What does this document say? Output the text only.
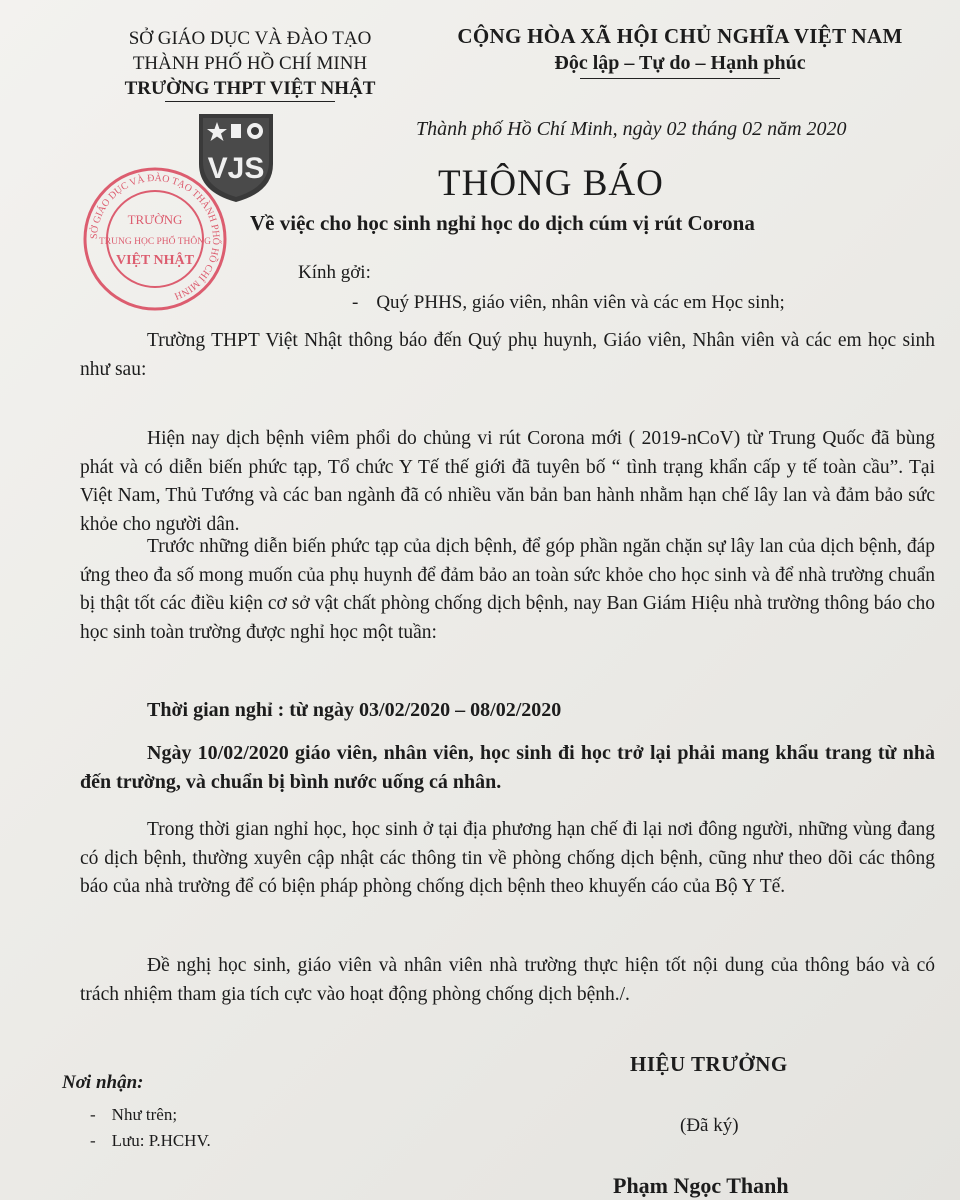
SỞ GIÁO DỤC VÀ ĐÀO TẠO
THÀNH PHỐ HỒ CHÍ MINH
TRƯỜNG THPT VIỆT NHẬT
CỘNG HÒA XÃ HỘI CHỦ NGHĨA VIỆT NAM
Độc lập – Tự do – Hạnh phúc
Thành phố Hồ Chí Minh, ngày 02 tháng 02 năm 2020
VJS
SỞ GIÁO DỤC VÀ ĐÀO TẠO THÀNH PHỐ HỒ CHÍ MINH
TRƯỜNG
TRUNG HỌC PHỔ THÔNG
VIỆT NHẬT
THÔNG BÁO
Về việc cho học sinh nghỉ học do dịch cúm vị rút Corona
Kính gởi:
- Quý PHHS, giáo viên, nhân viên và các em Học sinh;
Trường THPT Việt Nhật thông báo đến Quý phụ huynh, Giáo viên, Nhân viên và các em học sinh như sau:
Hiện nay dịch bệnh viêm phổi do chủng vi rút Corona mới ( 2019-nCoV) từ Trung Quốc đã bùng phát và có diễn biến phức tạp, Tổ chức Y Tế thế giới đã tuyên bố “ tình trạng khẩn cấp y tế toàn cầu”. Tại Việt Nam, Thủ Tướng và các ban ngành đã có nhiều văn bản ban hành nhằm hạn chế lây lan và đảm bảo sức khỏe cho người dân.
Trước những diễn biến phức tạp của dịch bệnh, để góp phần ngăn chặn sự lây lan của dịch bệnh, đáp ứng theo đa số mong muốn của phụ huynh để đảm bảo an toàn sức khỏe cho học sinh và để nhà trường chuẩn bị thật tốt các điều kiện cơ sở vật chất phòng chống dịch bệnh, nay Ban Giám Hiệu nhà trường thông báo cho học sinh toàn trường được nghỉ học một tuần:
Thời gian nghỉ : từ ngày 03/02/2020 – 08/02/2020
Ngày 10/02/2020 giáo viên, nhân viên, học sinh đi học trở lại phải mang khẩu trang từ nhà đến trường, và chuẩn bị bình nước uống cá nhân.
Trong thời gian nghỉ học, học sinh ở tại địa phương hạn chế đi lại nơi đông người, những vùng đang có dịch bệnh, thường xuyên cập nhật các thông tin về phòng chống dịch bệnh, cũng như theo dõi các thông báo của nhà trường để có biện pháp phòng chống dịch bệnh theo khuyến cáo của Bộ Y Tế.
Đề nghị học sinh, giáo viên và nhân viên nhà trường thực hiện tốt nội dung của thông báo và có trách nhiệm tham gia tích cực vào hoạt động phòng chống dịch bệnh./.
HIỆU TRƯỞNG
(Đã ký)
Phạm Ngọc Thanh
Nơi nhận:
- Như trên;
- Lưu: P.HCHV.
